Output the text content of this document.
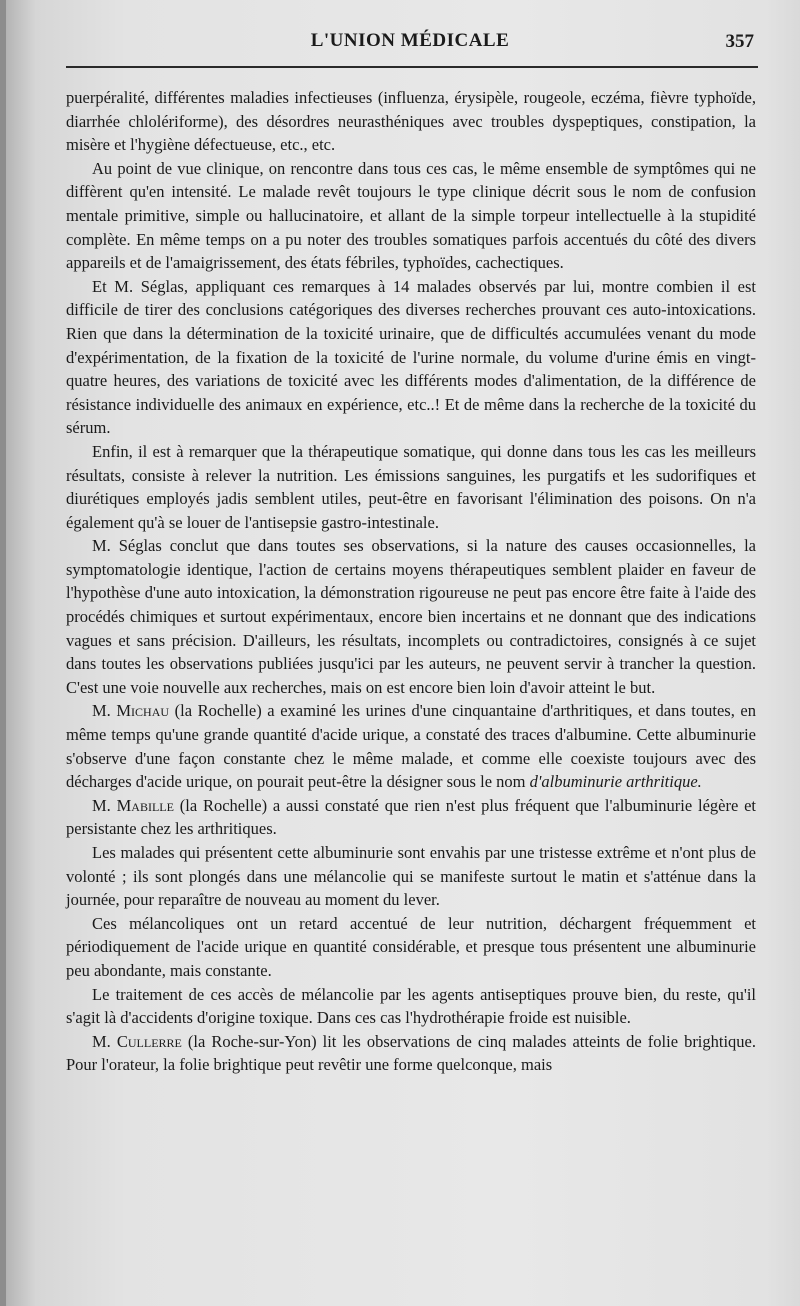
L'UNION MÉDICALE	357

puerpéralité, différentes maladies infectieuses (influenza, érysipèle, rougeole, eczéma, fièvre typhoïde, diarrhée chlolériforme), des désordres neurasthéniques avec troubles dyspeptiques, constipation, la misère et l'hygiène défectueuse, etc., etc.

Au point de vue clinique, on rencontre dans tous ces cas, le même ensemble de symptômes qui ne diffèrent qu'en intensité. Le malade revêt toujours le type clinique décrit sous le nom de confusion mentale primitive, simple ou hallucinatoire, et allant de la simple torpeur intellectuelle à la stupidité complète. En même temps on a pu noter des troubles somatiques parfois accentués du côté des divers appareils et de l'amaigrissement, des états fébriles, typhoïdes, cachectiques.

Et M. Séglas, appliquant ces remarques à 14 malades observés par lui, montre combien il est difficile de tirer des conclusions catégoriques des diverses recherches prouvant ces auto-intoxications. Rien que dans la détermination de la toxicité urinaire, que de difficultés accumulées venant du mode d'expérimentation, de la fixation de la toxicité de l'urine normale, du volume d'urine émis en vingt-quatre heures, des variations de toxicité avec les différents modes d'alimentation, de la différence de résistance individuelle des animaux en expérience, etc..! Et de même dans la recherche de la toxicité du sérum.

Enfin, il est à remarquer que la thérapeutique somatique, qui donne dans tous les cas les meilleurs résultats, consiste à relever la nutrition. Les émissions sanguines, les purgatifs et les sudorifiques et diurétiques employés jadis semblent utiles, peut-être en favorisant l'élimination des poisons. On n'a également qu'à se louer de l'antisepsie gastro-intestinale.

M. Séglas conclut que dans toutes ses observations, si la nature des causes occasionnelles, la symptomatologie identique, l'action de certains moyens thérapeutiques semblent plaider en faveur de l'hypothèse d'une auto intoxication, la démonstration rigoureuse ne peut pas encore être faite à l'aide des procédés chimiques et surtout expérimentaux, encore bien incertains et ne donnant que des indications vagues et sans précision. D'ailleurs, les résultats, incomplets ou contradictoires, consignés à ce sujet dans toutes les observations publiées jusqu'ici par les auteurs, ne peuvent servir à trancher la question. C'est une voie nouvelle aux recherches, mais on est encore bien loin d'avoir atteint le but.

M. Michau (la Rochelle) a examiné les urines d'une cinquantaine d'arthritiques, et dans toutes, en même temps qu'une grande quantité d'acide urique, a constaté des traces d'albumine. Cette albuminurie s'observe d'une façon constante chez le même malade, et comme elle coexiste toujours avec des décharges d'acide urique, on pourait peut-être la désigner sous le nom d'albuminurie arthritique.

M. Mabille (la Rochelle) a aussi constaté que rien n'est plus fréquent que l'albuminurie légère et persistante chez les arthritiques.

Les malades qui présentent cette albuminurie sont envahis par une tristesse extrême et n'ont plus de volonté ; ils sont plongés dans une mélancolie qui se manifeste surtout le matin et s'atténue dans la journée, pour reparaître de nouveau au moment du lever.

Ces mélancoliques ont un retard accentué de leur nutrition, déchargent fréquemment et périodiquement de l'acide urique en quantité considérable, et presque tous présentent une albuminurie peu abondante, mais constante.

Le traitement de ces accès de mélancolie par les agents antiseptiques prouve bien, du reste, qu'il s'agit là d'accidents d'origine toxique. Dans ces cas l'hydrothérapie froide est nuisible.

M. Cullerre (la Roche-sur-Yon) lit les observations de cinq malades atteints de folie brightique. Pour l'orateur, la folie brightique peut revêtir une forme quelconque, mais
